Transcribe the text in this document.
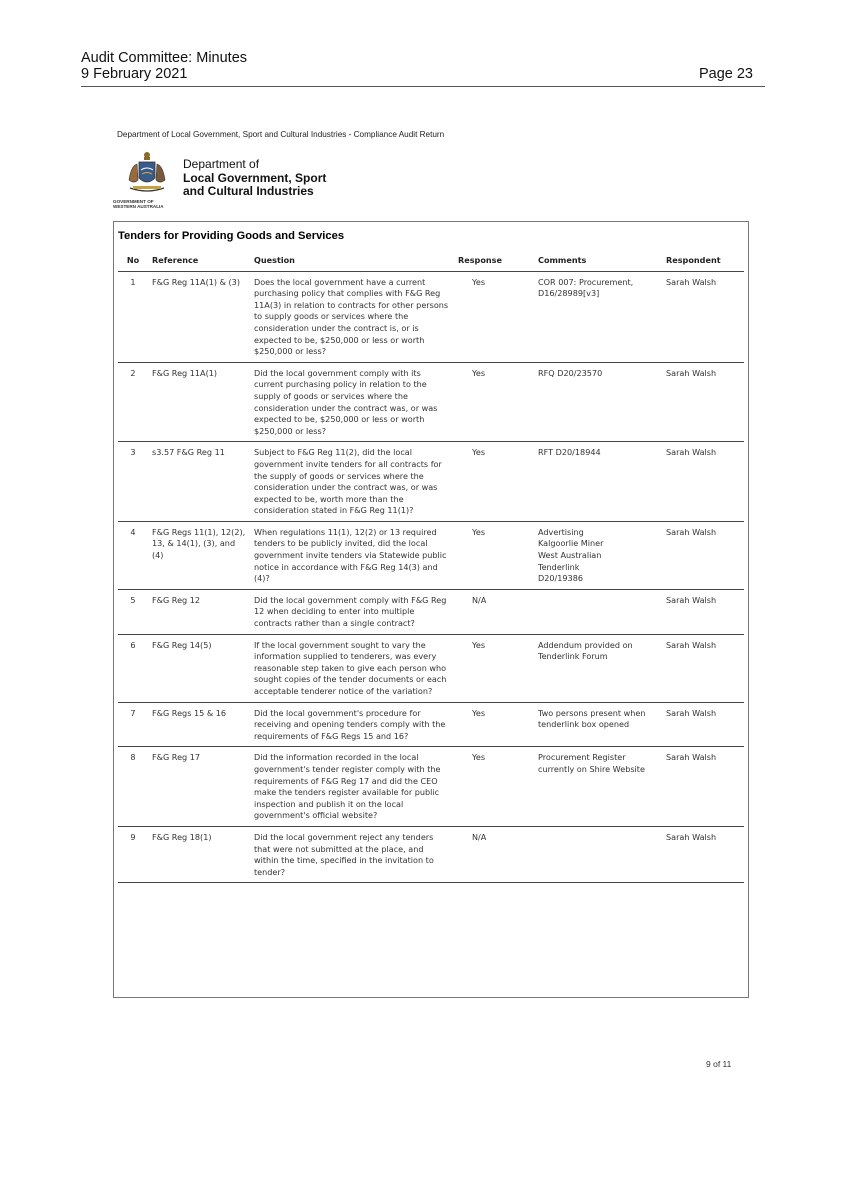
Audit Committee: Minutes
9 February 2021	Page 23
Department of Local Government, Sport and Cultural Industries - Compliance Audit Return
GOVERNMENT OF
WESTERN AUSTRALIA
Department of
Local Government, Sport
and Cultural Industries
Tenders for Providing Goods and Services
No	Reference	Question	Response	Comments	Respondent
1	F&G Reg 11A(1) & (3)	Does the local government have a current purchasing policy that complies with F&G Reg 11A(3) in relation to contracts for other persons to supply goods or services where the consideration under the contract is, or is expected to be, $250,000 or less or worth $250,000 or less?	Yes	COR 007: Procurement, D16/28989[v3]	Sarah Walsh
2	F&G Reg 11A(1)	Did the local government comply with its current purchasing policy in relation to the supply of goods or services where the consideration under the contract was, or was expected to be, $250,000 or less or worth $250,000 or less?	Yes	RFQ D20/23570	Sarah Walsh
3	s3.57 F&G Reg 11	Subject to F&G Reg 11(2), did the local government invite tenders for all contracts for the supply of goods or services where the consideration under the contract was, or was expected to be, worth more than the consideration stated in F&G Reg 11(1)?	Yes	RFT D20/18944	Sarah Walsh
4	F&G Regs 11(1), 12(2), 13, & 14(1), (3), and (4)	When regulations 11(1), 12(2) or 13 required tenders to be publicly invited, did the local government invite tenders via Statewide public notice in accordance with F&G Reg 14(3) and (4)?	Yes	Advertising
Kalgoorlie Miner
West Australian
Tenderlink
D20/19386	Sarah Walsh
5	F&G Reg 12	Did the local government comply with F&G Reg 12 when deciding to enter into multiple contracts rather than a single contract?	N/A		Sarah Walsh
6	F&G Reg 14(5)	If the local government sought to vary the information supplied to tenderers, was every reasonable step taken to give each person who sought copies of the tender documents or each acceptable tenderer notice of the variation?	Yes	Addendum provided on Tenderlink Forum	Sarah Walsh
7	F&G Regs 15 & 16	Did the local government's procedure for receiving and opening tenders comply with the requirements of F&G Regs 15 and 16?	Yes	Two persons present when tenderlink box opened	Sarah Walsh
8	F&G Reg 17	Did the information recorded in the local government's tender register comply with the requirements of F&G Reg 17 and did the CEO make the tenders register available for public inspection and publish it on the local government's official website?	Yes	Procurement Register currently on Shire Website	Sarah Walsh
9	F&G Reg 18(1)	Did the local government reject any tenders that were not submitted at the place, and within the time, specified in the invitation to tender?	N/A		Sarah Walsh
9 of 11
